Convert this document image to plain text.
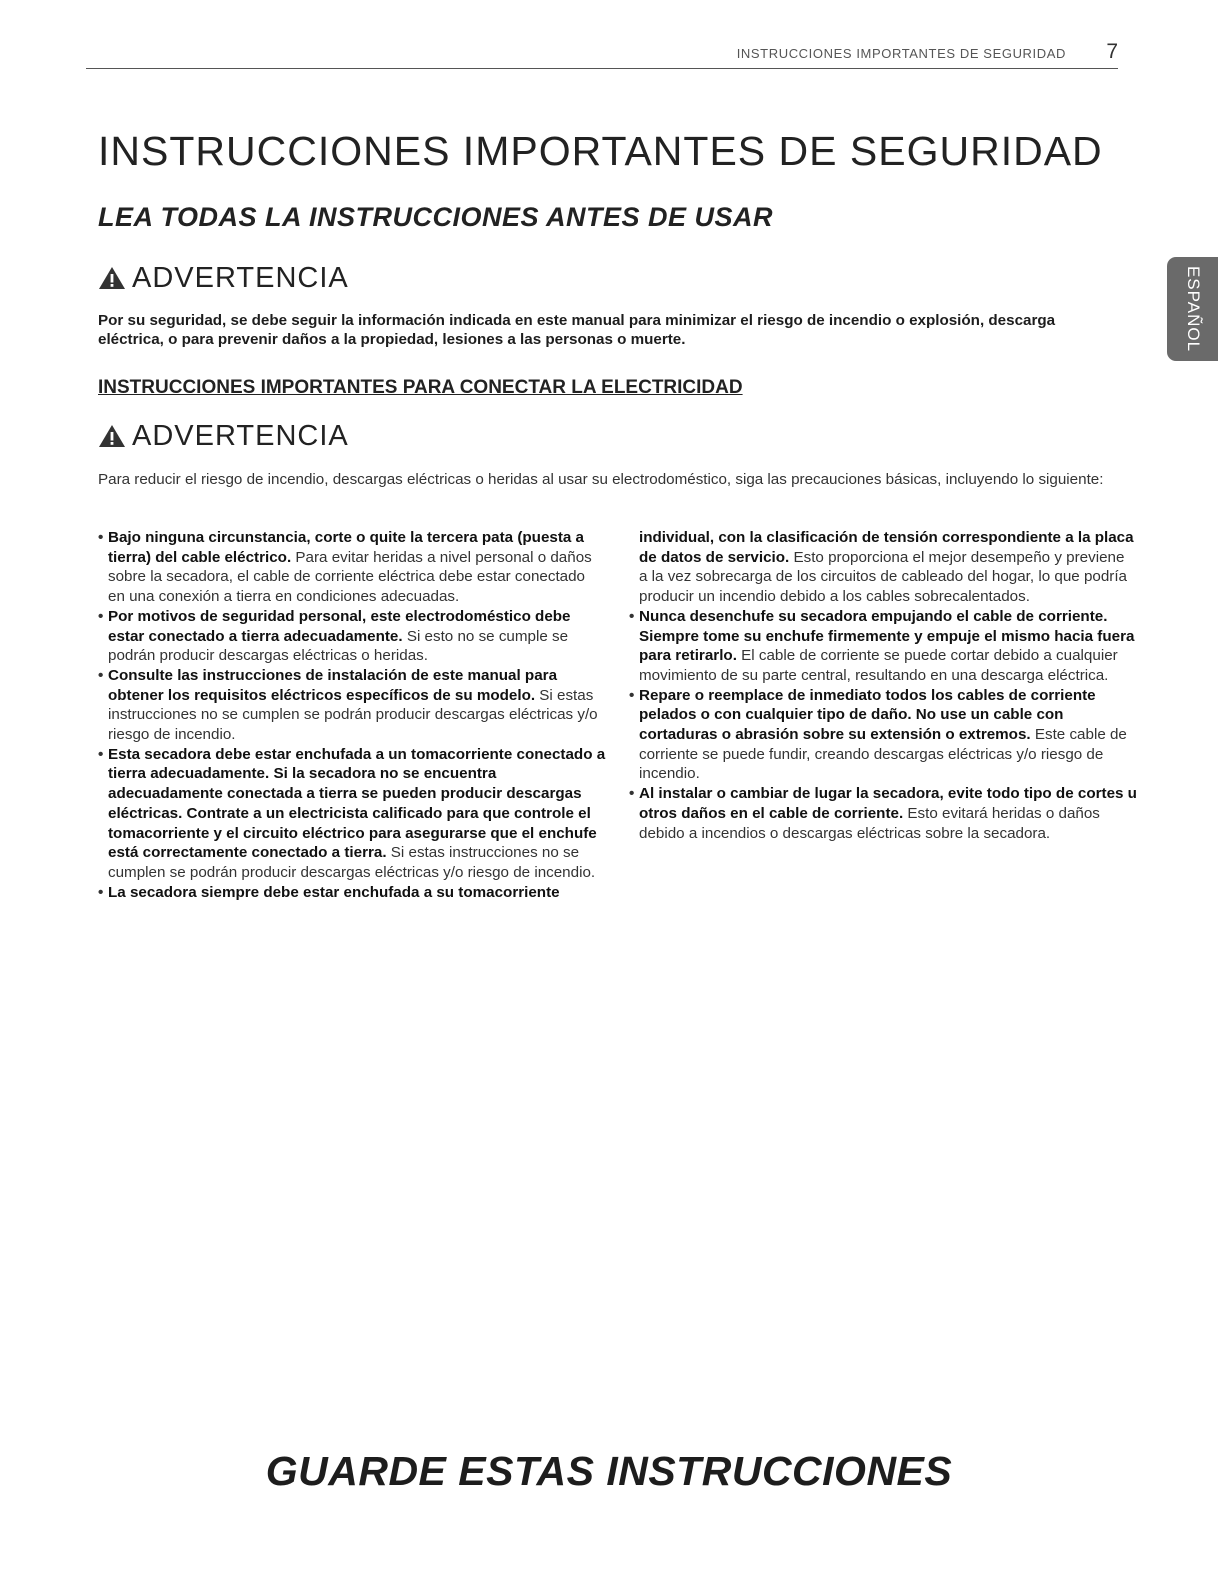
INSTRUCCIONES IMPORTANTES DE SEGURIDAD 7
ESPAÑOL
INSTRUCCIONES IMPORTANTES DE SEGURIDAD
LEA TODAS LA INSTRUCCIONES ANTES DE USAR
ADVERTENCIA

Por su seguridad, se debe seguir la información indicada en este manual para minimizar el riesgo de incendio o explosión, descarga eléctrica, o para prevenir daños a la propiedad, lesiones a las personas o muerte.

INSTRUCCIONES IMPORTANTES PARA CONECTAR LA ELECTRICIDAD
ADVERTENCIA

Para reducir el riesgo de incendio, descargas eléctricas o heridas al usar su electrodoméstico, siga las precauciones básicas, incluyendo lo siguiente:

• Bajo ninguna circunstancia, corte o quite la tercera pata (puesta a tierra) del cable eléctrico. Para evitar heridas a nivel personal o daños sobre la secadora, el cable de corriente eléctrica debe estar conectado en una conexión a tierra en condiciones adecuadas.
• Por motivos de seguridad personal, este electrodoméstico debe estar conectado a tierra adecuadamente. Si esto no se cumple se podrán producir descargas eléctricas o heridas.
• Consulte las instrucciones de instalación de este manual para obtener los requisitos eléctricos específicos de su modelo. Si estas instrucciones no se cumplen se podrán producir descargas eléctricas y/o riesgo de incendio.
• Esta secadora debe estar enchufada a un tomacorriente conectado a tierra adecuadamente. Si la secadora no se encuentra adecuadamente conectada a tierra se pueden producir descargas eléctricas. Contrate a un electricista calificado para que controle el tomacorriente y el circuito eléctrico para asegurarse que el enchufe está correctamente conectado a tierra. Si estas instrucciones no se cumplen se podrán producir descargas eléctricas y/o riesgo de incendio.
• La secadora siempre debe estar enchufada a su tomacorriente
individual, con la clasificación de tensión correspondiente a la placa de datos de servicio. Esto proporciona el mejor desempeño y previene a la vez sobrecarga de los circuitos de cableado del hogar, lo que podría producir un incendio debido a los cables sobrecalentados.
• Nunca desenchufe su secadora empujando el cable de corriente. Siempre tome su enchufe firmemente y empuje el mismo hacia fuera para retirarlo. El cable de corriente se puede cortar debido a cualquier movimiento de su parte central, resultando en una descarga eléctrica.
• Repare o reemplace de inmediato todos los cables de corriente pelados o con cualquier tipo de daño. No use un cable con cortaduras o abrasión sobre su extensión o extremos. Este cable de corriente se puede fundir, creando descargas eléctricas y/o riesgo de incendio.
• Al instalar o cambiar de lugar la secadora, evite todo tipo de cortes u otros daños en el cable de corriente. Esto evitará heridas o daños debido a incendios o descargas eléctricas sobre la secadora.
GUARDE ESTAS INSTRUCCIONES
